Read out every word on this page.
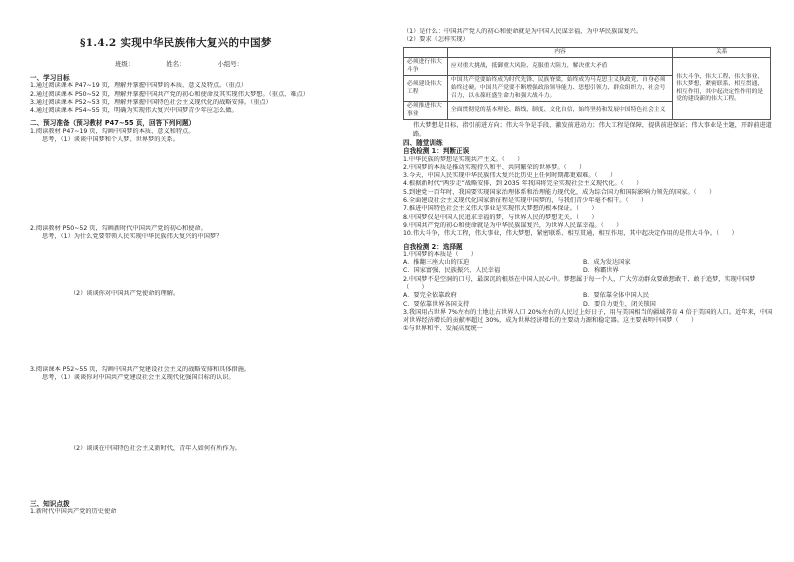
§1.4.2 实现中华民族伟大复兴的中国梦
班级：	姓名：	小组号：
一、学习目标
1.通过阅读课本 P47~19 页，理解并掌握中国梦的本质、意义及特点。（重点）
2.通过阅读课本 P50~52 页，理解并掌握中国共产党的初心和使命及其实现伟大梦想。（重点、难点）
3.通过阅读课本 P52~53 页，理解并掌握中国特色社会主义现代化的战略安排。（重点）
4.通过阅读课本 P54~55 页，明确为实现伟大复兴中国梦青少年应怎么做。
二、预习准备（预习教材 P47~55 页，回答下列问题）
1.阅读教材 P47~19 页，勾画中国梦的本质、意义和特点。
思考，（1）谈谈中国梦和个人梦、世界梦的关系。
2.阅读教材 P50~52 页，勾画新时代中国共产党的初心和使命。
思考，（1）为什么党要带领人民实现中华民族伟大复兴的中国梦？
（2）谈谈你对中国共产党使命的理解。
3.阅读课本 P52~55 页，勾画中国共产党建设社会主义的战略安排和具体措施。
思考，（1）谈谈你对中国共产党建设社会主义现代化强国目标的认识。
（2）谈谈在中国特色社会主义新时代，青年人如何有所作为。
三、知识点拨
1.新时代中国共产党的历史使命
（1）是什么：中国共产党人的初心和使命就是为中国人民谋幸福，为中华民族谋复兴。
（2）要求（怎样实现）
	内容	关系
必须进行伟大斗争	应对重大挑战，抵御重大风险、克服重大阻力，解决重大矛盾	伟大斗争、伟大工程、伟大事业、伟大梦想，紧密联系、相互贯通、相互作用，其中起决定性作用的是党的建设新的伟大工程。
必须建设伟大工程	中国共产党要始终成为时代先锋、民族脊梁，始终成为马克思主义执政党，自身必须始终过硬。中国共产党要不断增强政治领导能力、思想引领力、群众组织力、社会号召力，以永葆旺盛生命力和强大战斗力。	
必须推进伟大事业	全面贯彻党的基本理论、路线、制度、文化自信，始终坚持和发展中国特色社会主义	
伟大梦想是目标，指引前进方向；伟大斗争是手段，激发前进动力；伟大工程是保障，提供前进保证；伟大事业是主题，开辟前进道路。
四、随堂训练
自我检测 1：判断正误
1.中华民族的梦想是实现共产主义。（　　）
2.中国梦的本质是推动实现持久和平、共同繁荣的世界梦。（　　）
3.今天，中国人民实现中华民族伟大复兴比历史上任何时期都更艰难。（　　）
4.根据新时代“两步走”战略安排，到 2035 年我国将完全实现社会主义现代化。（　　）
5.到建党一百年时，我国要实现国家治理体系和治理能力现代化，成为综合国力和国际影响力领先的国家。（　　）
6.全面建设社会主义现代化国家新征程是实现中国梦的，与我们青少年毫不相干。（　　）
7.推进中国特色社会主义伟大事业是实现伟大梦想的根本保证。（　　）
8.中国梦仅是中国人民追求幸福的梦，与世界人民的梦想无关。（　　）
9.中国共产党的初心和使命就是为中华民族谋复兴，为世界人民谋幸福。（　　）
10.伟大斗争，伟大工程，伟大事业，伟大梦想，紧密联系、相互贯通，相互作用，其中起决定作用的是伟大斗争。（　　）
自我检测 2：选择题
1.中国梦的本质是（　　）
A．推翻三座大山的压迫	B．成为发达国家
C．国家富强、民族振兴、人民幸福	D．称霸世界
2.中国梦不是空洞的口号，最深沉的根基在中国人民心中。梦想属于每一个人，广大劳动群众要敢想敢干、敢于追梦，实现中国梦（　　）
A．要完全依靠政府	B．要依靠全体中国人民
C．要依靠世界各国支持	D．要自力更生，闭关锁国
3.我国用占世界 7%左右的土地让占世界人口 20%左右的人民过上好日子，用与美国相当的疆域养育 4 倍于美国的人口。近年来，中国对世界经济增长的贡献率超过 30%，成为世界经济增长的主要动力源和稳定器。这主要表明中国梦（　　）
①与世界和平、发展高度统一
